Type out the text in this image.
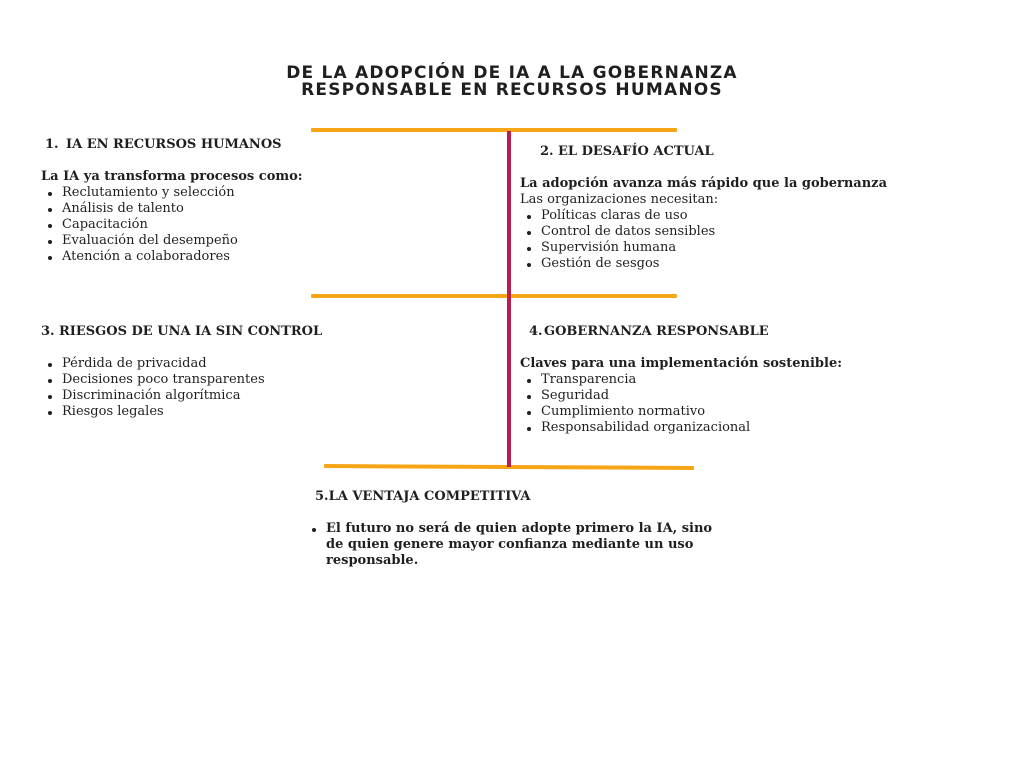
DE LA ADOPCIÓN DE IA A LA GOBERNANZA
RESPONSABLE EN RECURSOS HUMANOS

1. IA EN RECURSOS HUMANOS

La IA ya transforma procesos como:

Reclutamiento y selección
Análisis de talento
Capacitación
Evaluación del desempeño
Atención a colaboradores

2. EL DESAFÍO ACTUAL

La adopción avanza más rápido que la gobernanza

Las organizaciones necesitan:

Políticas claras de uso
Control de datos sensibles
Supervisión humana
Gestión de sesgos

3. RIESGOS DE UNA IA SIN CONTROL

Pérdida de privacidad
Decisiones poco transparentes
Discriminación algorítmica
Riesgos legales

4.GOBERNANZA RESPONSABLE

Claves para una implementación sostenible:

Transparencia
Seguridad
Cumplimiento normativo
Responsabilidad organizacional

5.LA VENTAJA COMPETITIVA

El futuro no será de quien adopte primero la IA, sino de quien genere mayor confianza mediante un uso responsable.
